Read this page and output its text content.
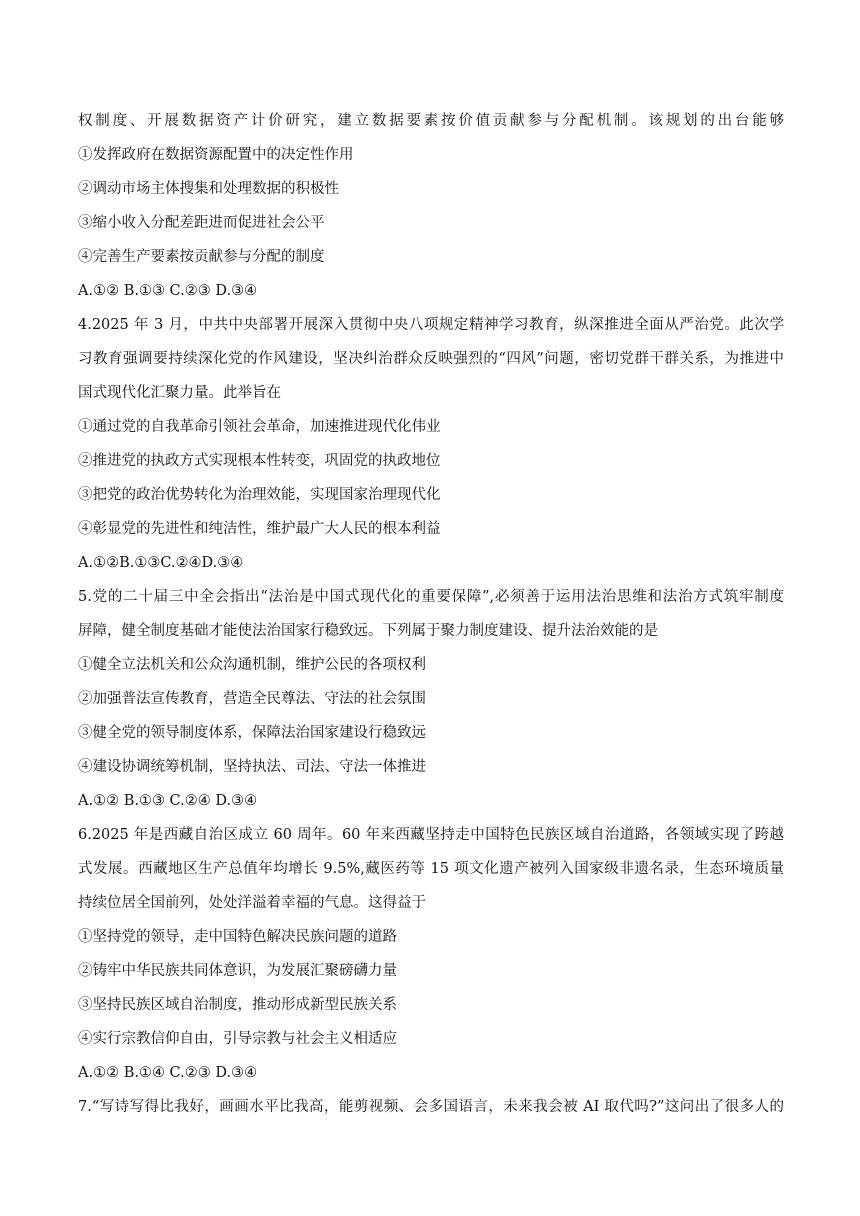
权制度、开展数据资产计价研究，建立数据要素按价值贡献参与分配机制。该规划的出台能够
①发挥政府在数据资源配置中的决定性作用
②调动市场主体搜集和处理数据的积极性
③缩小收入分配差距进而促进社会公平
④完善生产要素按贡献参与分配的制度
A.①② B.①③ C.②③ D.③④
4.2025 年 3 月，中共中央部署开展深入贯彻中央八项规定精神学习教育，纵深推进全面从严治党。此次学
习教育强调要持续深化党的作风建设，坚决纠治群众反映强烈的“四风”问题，密切党群干群关系，为推进中
国式现代化汇聚力量。此举旨在
①通过党的自我革命引领社会革命，加速推进现代化伟业
②推进党的执政方式实现根本性转变，巩固党的执政地位
③把党的政治优势转化为治理效能，实现国家治理现代化
④彰显党的先进性和纯洁性，维护最广大人民的根本利益
A.①②B.①③C.②④D.③④
5.党的二十届三中全会指出“法治是中国式现代化的重要保障”,必须善于运用法治思维和法治方式筑牢制度
屏障，健全制度基础才能使法治国家行稳致远。下列属于聚力制度建设、提升法治效能的是
①健全立法机关和公众沟通机制，维护公民的各项权利
②加强普法宣传教育，营造全民尊法、守法的社会氛围
③健全党的领导制度体系，保障法治国家建设行稳致远
④建设协调统筹机制，坚持执法、司法、守法一体推进
A.①② B.①③ C.②④ D.③④
6.2025 年是西藏自治区成立 60 周年。60 年来西藏坚持走中国特色民族区域自治道路，各领域实现了跨越
式发展。西藏地区生产总值年均增长 9.5%,藏医药等 15 项文化遗产被列入国家级非遗名录，生态环境质量
持续位居全国前列，处处洋溢着幸福的气息。这得益于
①坚持党的领导，走中国特色解决民族问题的道路
②铸牢中华民族共同体意识，为发展汇聚磅礴力量
③坚持民族区域自治制度，推动形成新型民族关系
④实行宗教信仰自由，引导宗教与社会主义相适应
A.①② B.①④ C.②③ D.③④
7.“写诗写得比我好，画画水平比我高，能剪视频、会多国语言，未来我会被 AI 取代吗?”这问出了很多人的
